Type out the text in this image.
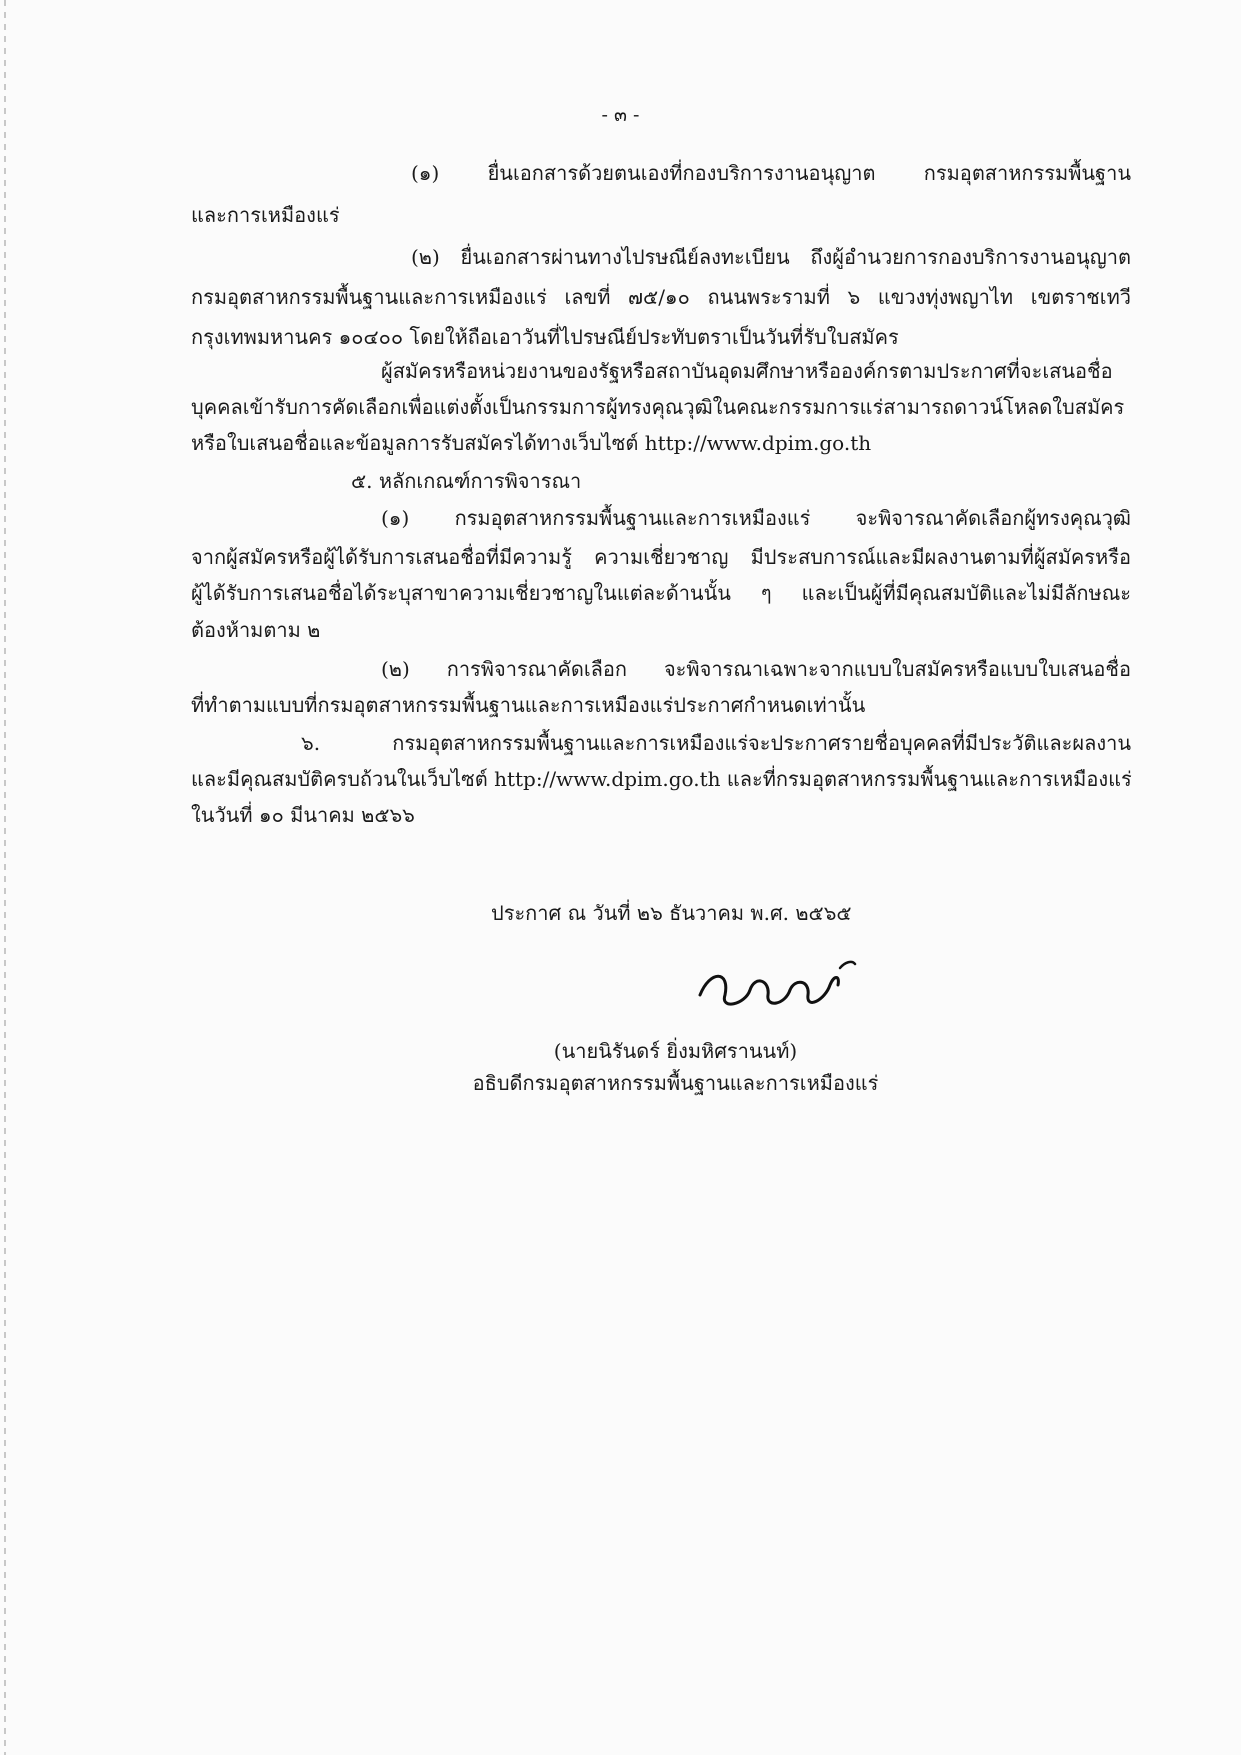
- ๓ -
(๑) ยื่นเอกสารด้วยตนเองที่กองบริการงานอนุญาต กรมอุตสาหกรรมพื้นฐาน
และการเหมืองแร่
(๒) ยื่นเอกสารผ่านทางไปรษณีย์ลงทะเบียน ถึงผู้อำนวยการกองบริการงานอนุญาต
กรมอุตสาหกรรมพื้นฐานและการเหมืองแร่ เลขที่ ๗๕/๑๐ ถนนพระรามที่ ๖ แขวงทุ่งพญาไท เขตราชเทวี
กรุงเทพมหานคร ๑๐๔๐๐ โดยให้ถือเอาวันที่ไปรษณีย์ประทับตราเป็นวันที่รับใบสมัคร
ผู้สมัครหรือหน่วยงานของรัฐหรือสถาบันอุดมศึกษาหรือองค์กรตามประกาศที่จะเสนอชื่อ
บุคคลเข้ารับการคัดเลือกเพื่อแต่งตั้งเป็นกรรมการผู้ทรงคุณวุฒิในคณะกรรมการแร่สามารถดาวน์โหลดใบสมัคร
หรือใบเสนอชื่อและข้อมูลการรับสมัครได้ทางเว็บไซต์ http://www.dpim.go.th
๕. หลักเกณฑ์การพิจารณา
(๑) กรมอุตสาหกรรมพื้นฐานและการเหมืองแร่ จะพิจารณาคัดเลือกผู้ทรงคุณวุฒิ
จากผู้สมัครหรือผู้ได้รับการเสนอชื่อที่มีความรู้ ความเชี่ยวชาญ มีประสบการณ์และมีผลงานตามที่ผู้สมัครหรือ
ผู้ได้รับการเสนอชื่อได้ระบุสาขาความเชี่ยวชาญในแต่ละด้านนั้น ๆ และเป็นผู้ที่มีคุณสมบัติและไม่มีลักษณะ
ต้องห้ามตาม ๒
(๒) การพิจารณาคัดเลือก จะพิจารณาเฉพาะจากแบบใบสมัครหรือแบบใบเสนอชื่อ
ที่ทำตามแบบที่กรมอุตสาหกรรมพื้นฐานและการเหมืองแร่ประกาศกำหนดเท่านั้น
๖. กรมอุตสาหกรรมพื้นฐานและการเหมืองแร่จะประกาศรายชื่อบุคคลที่มีประวัติและผลงาน
และมีคุณสมบัติครบถ้วนในเว็บไซต์ http://www.dpim.go.th และที่กรมอุตสาหกรรมพื้นฐานและการเหมืองแร่
ในวันที่ ๑๐ มีนาคม ๒๕๖๖
ประกาศ ณ วันที่ ๒๖ ธันวาคม พ.ศ. ๒๕๖๕
(นายนิรันดร์ ยิ่งมหิศรานนท์)
อธิบดีกรมอุตสาหกรรมพื้นฐานและการเหมืองแร่
